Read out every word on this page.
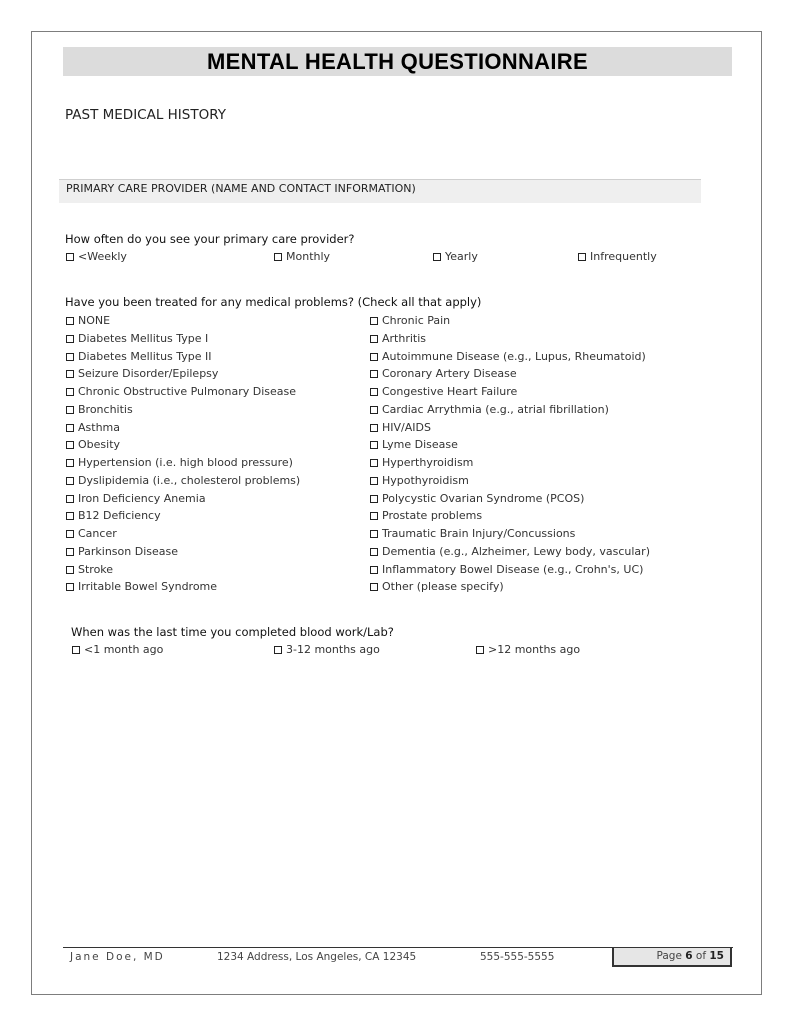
MENTAL HEALTH QUESTIONNAIRE
PAST MEDICAL HISTORY
PRIMARY CARE PROVIDER (NAME AND CONTACT INFORMATION)
How often do you see your primary care provider?
<Weekly	Monthly	Yearly	Infrequently
Have you been treated for any medical problems? (Check all that apply)
NONE
Diabetes Mellitus Type I
Diabetes Mellitus Type II
Seizure Disorder/Epilepsy
Chronic Obstructive Pulmonary Disease
Bronchitis
Asthma
Obesity
Hypertension (i.e. high blood pressure)
Dyslipidemia (i.e., cholesterol problems)
Iron Deficiency Anemia
B12 Deficiency
Cancer
Parkinson Disease
Stroke
Irritable Bowel Syndrome
Chronic Pain
Arthritis
Autoimmune Disease (e.g., Lupus, Rheumatoid)
Coronary Artery Disease
Congestive Heart Failure
Cardiac Arrythmia (e.g., atrial fibrillation)
HIV/AIDS
Lyme Disease
Hyperthyroidism
Hypothyroidism
Polycystic Ovarian Syndrome (PCOS)
Prostate problems
Traumatic Brain Injury/Concussions
Dementia (e.g., Alzheimer, Lewy body, vascular)
Inflammatory Bowel Disease (e.g., Crohn's, UC)
Other (please specify)
When was the last time you completed blood work/Lab?
<1 month ago	3-12 months ago	>12 months ago
Jane Doe, MD	1234 Address, Los Angeles, CA 12345	555-555-5555	Page 6 of 15
